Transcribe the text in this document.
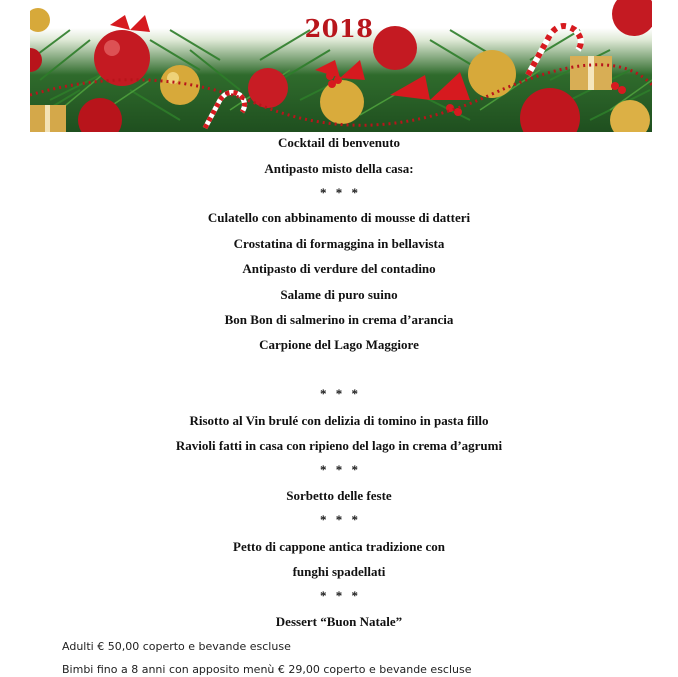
2018
Cocktail di benvenuto
Antipasto misto della casa:
* * *
Culatello con abbinamento di mousse di datteri
Crostatina di formaggina in bellavista
Antipasto di verdure del contadino
Salame di puro suino
Bon Bon di salmerino in crema d’arancia
Carpione del Lago Maggiore
* * *
Risotto al Vin brulé con delizia di tomino in pasta fillo
Ravioli fatti in casa con ripieno del lago in crema d’agrumi
* * *
Sorbetto delle feste
* * *
Petto di cappone antica tradizione con
funghi spadellati
* * *
Dessert “Buon Natale”
Adulti € 50,00 coperto e bevande escluse
Bimbi fino a 8 anni con apposito menù € 29,00 coperto e bevande escluse
